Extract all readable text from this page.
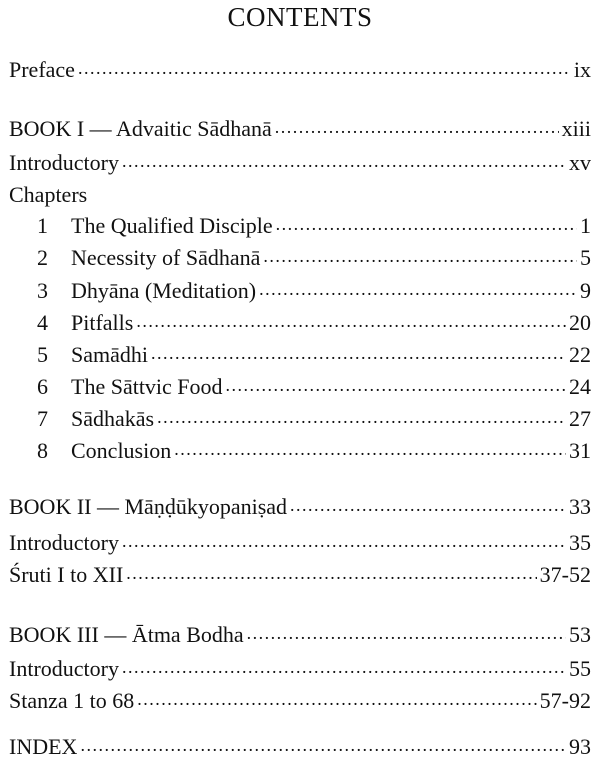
CONTENTS
Preface .....	ix
BOOK I — Advaitic Sādhanā .....	xiii
Introductory .....	xv
Chapters
1	The Qualified Disciple .....	1
2	Necessity of Sādhanā .....	5
3	Dhyāna (Meditation) .....	9
4	Pitfalls .....	20
5	Samādhi .....	22
6	The Sāttvic Food .....	24
7	Sādhakās .....	27
8	Conclusion .....	31
BOOK II — Māṇḍūkyopaniṣad .....	33
Introductory .....	35
Śruti I to XII .....	37-52
BOOK III — Ātma Bodha .....	53
Introductory .....	55
Stanza 1 to 68 .....	57-92
INDEX .....	93
